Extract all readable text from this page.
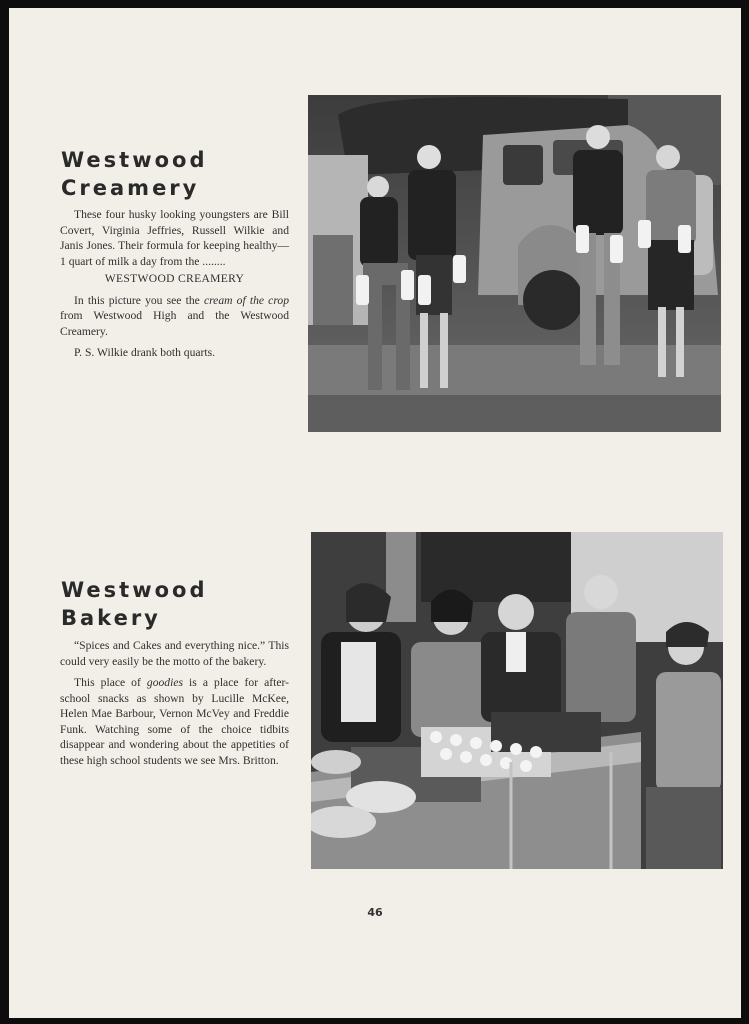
Westwood
Creamery

These four husky looking youngsters are Bill Covert, Virginia Jeffries, Russell Wilkie and Janis Jones. Their formula for keeping healthy— 1 quart of milk a day from the ........

WESTWOOD CREAMERY

In this picture you see the cream of the crop from Westwood High and the Westwood Creamery.

P. S. Wilkie drank both quarts.

Westwood
Bakery

“Spices and Cakes and everything nice.” This could very easily be the motto of the bakery.

This place of goodies is a place for after-school snacks as shown by Lucille McKee, Helen Mae Barbour, Vernon McVey and Freddie Funk. Watching some of the choice tidbits disappear and wondering about the appetities of these high school students we see Mrs. Britton.

46
